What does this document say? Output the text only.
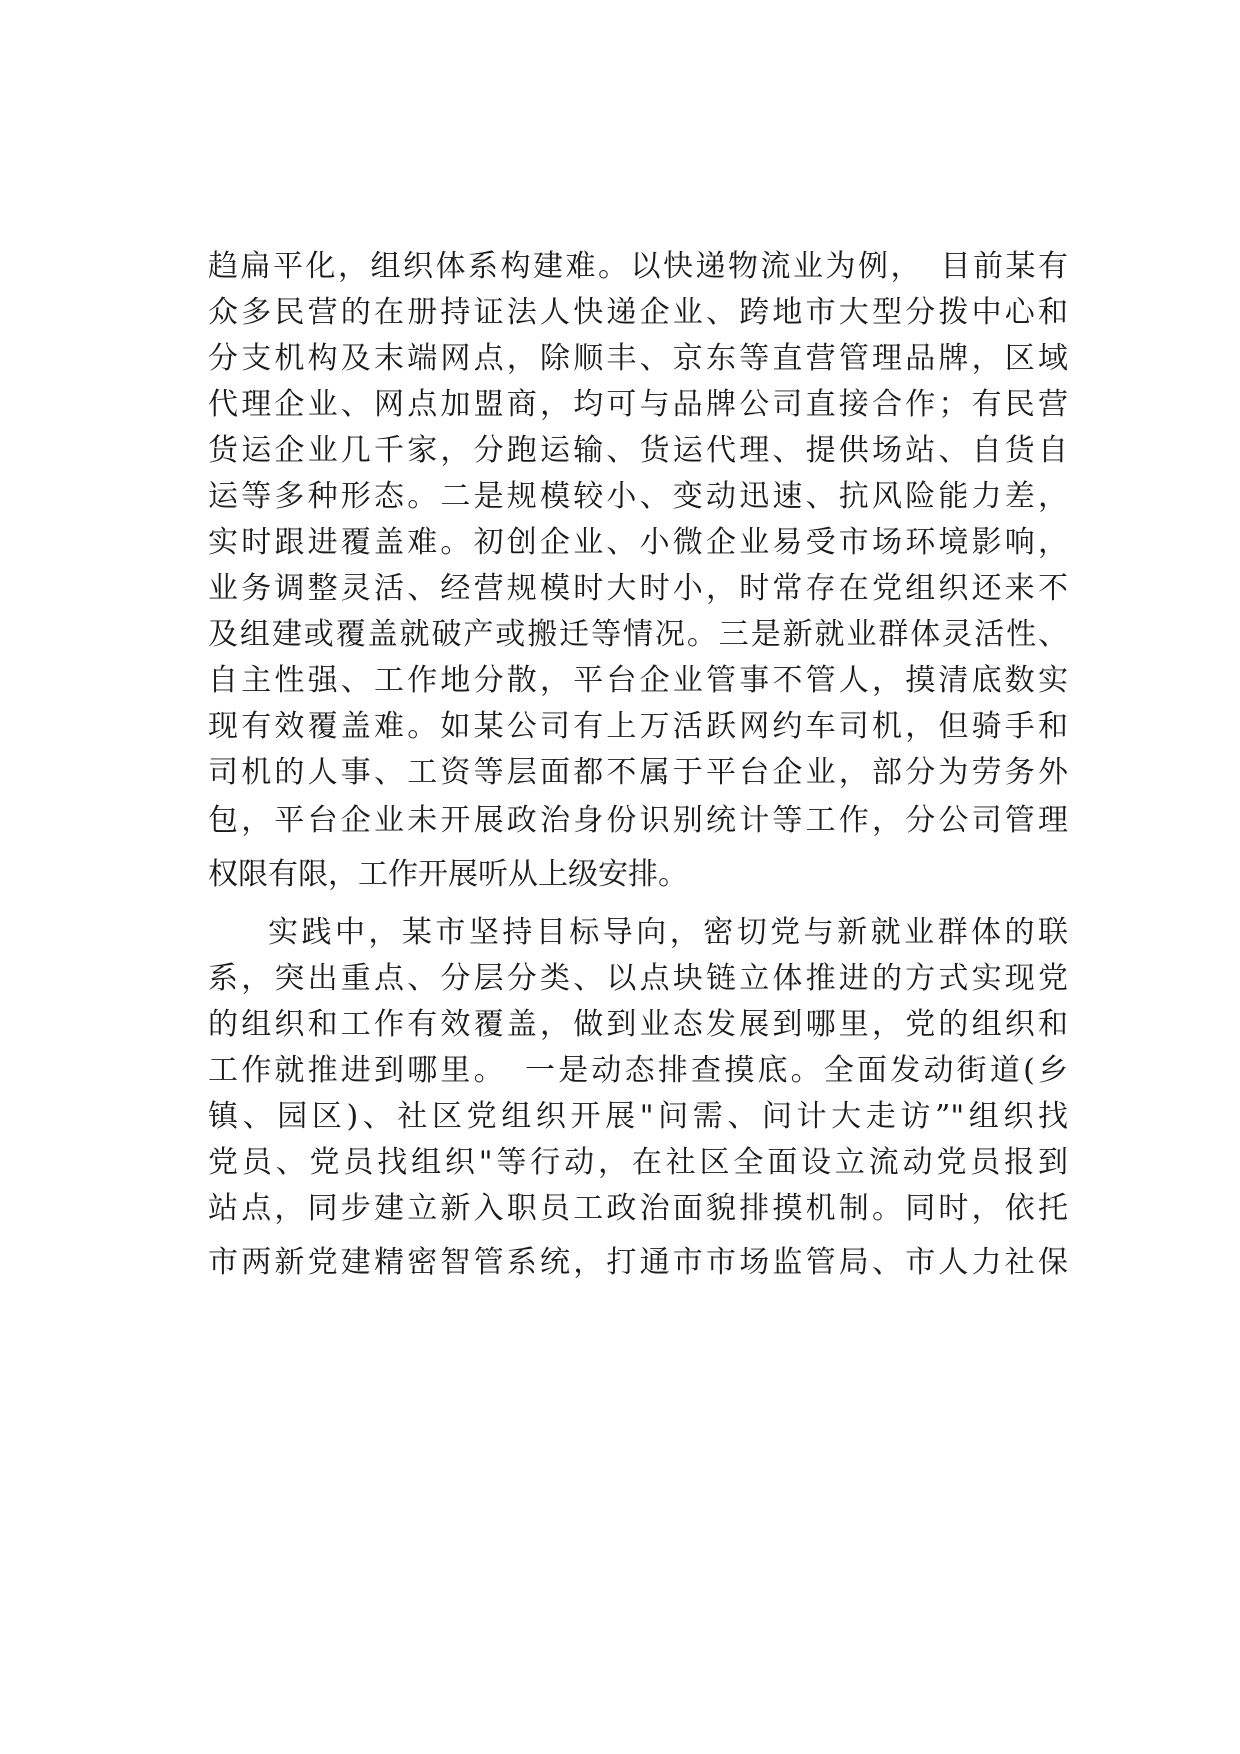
趋扁平化，组织体系构建难。以快递物流业为例，　目前某有
众多民营的在册持证法人快递企业、跨地市大型分拨中心和
分支机构及末端网点，除顺丰、京东等直营管理品牌，区域
代理企业、网点加盟商，均可与品牌公司直接合作；有民营
货运企业几千家，分跑运输、货运代理、提供场站、自货自
运等多种形态。二是规模较小、变动迅速、抗风险能力差，
实时跟进覆盖难。初创企业、小微企业易受市场环境影响，
业务调整灵活、经营规模时大时小，时常存在党组织还来不
及组建或覆盖就破产或搬迁等情况。三是新就业群体灵活性、
自主性强、工作地分散，平台企业管事不管人，摸清底数实
现有效覆盖难。如某公司有上万活跃网约车司机，但骑手和
司机的人事、工资等层面都不属于平台企业，部分为劳务外
包，平台企业未开展政治身份识别统计等工作，分公司管理
权限有限，工作开展听从上级安排。
实践中，某市坚持目标导向，密切党与新就业群体的联
系，突出重点、分层分类、以点块链立体推进的方式实现党
的组织和工作有效覆盖，做到业态发展到哪里，党的组织和
工作就推进到哪里。　一是动态排查摸底。全面发动街道(乡
镇、园区)、社区党组织开展"问需、问计大走访”"组织找
党员、党员找组织"等行动，在社区全面设立流动党员报到
站点，同步建立新入职员工政治面貌排摸机制。同时，依托
市两新党建精密智管系统，打通市市场监管局、市人力社保
